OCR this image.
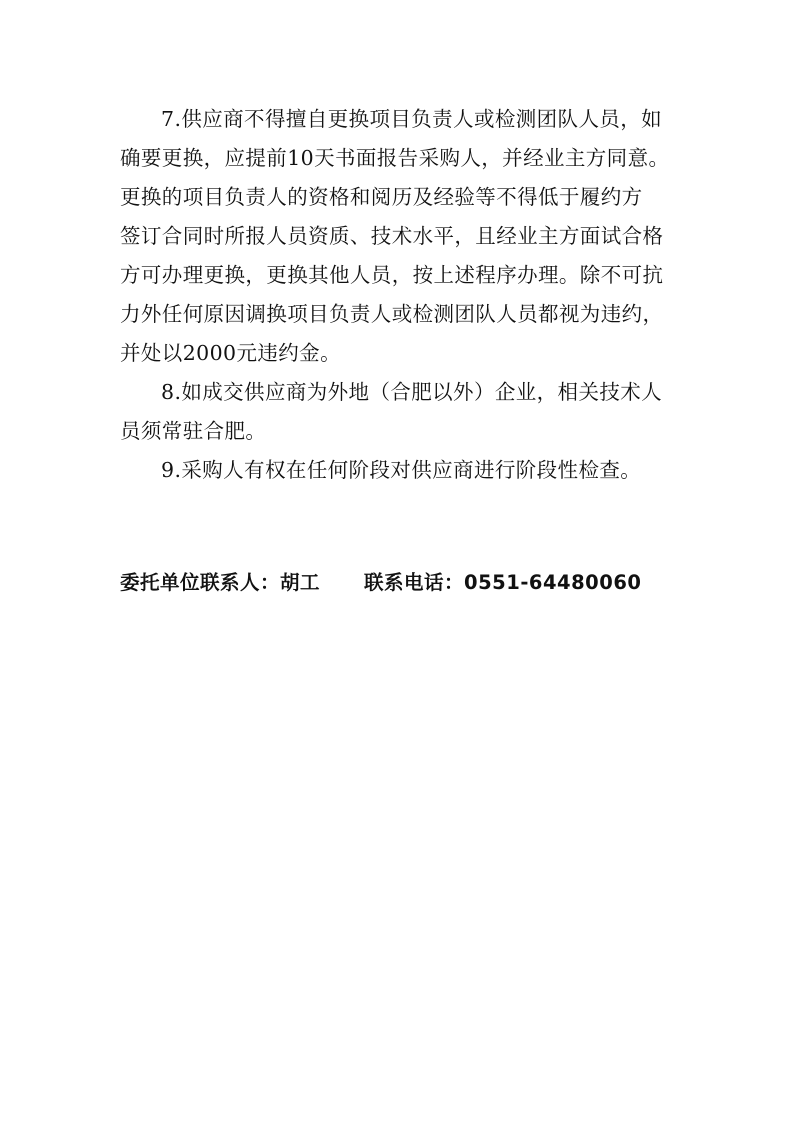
7.供应商不得擅自更换项目负责人或检测团队人员，如
确要更换，应提前10天书面报告采购人，并经业主方同意。
更换的项目负责人的资格和阅历及经验等不得低于履约方
签订合同时所报人员资质、技术水平，且经业主方面试合格
方可办理更换，更换其他人员，按上述程序办理。除不可抗
力外任何原因调换项目负责人或检测团队人员都视为违约，
并处以2000元违约金。

8.如成交供应商为外地（合肥以外）企业，相关技术人
员须常驻合肥。

9.采购人有权在任何阶段对供应商进行阶段性检查。

委托单位联系人：胡工 联系电话：0551-64480060
